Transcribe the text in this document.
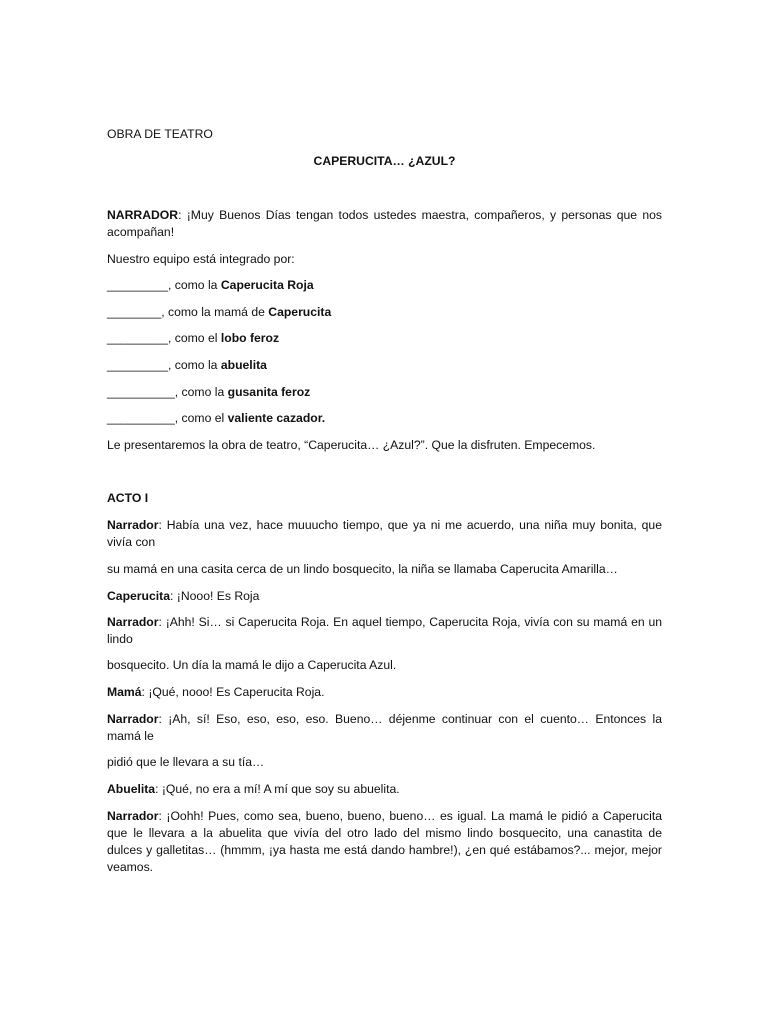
OBRA DE TEATRO
CAPERUCITA… ¿AZUL?
NARRADOR: ¡Muy Buenos Días tengan todos ustedes maestra, compañeros, y personas que nos
acompañan!
Nuestro equipo está integrado por:
_________, como la Caperucita Roja
________, como la mamá de Caperucita
_________, como el lobo feroz
_________, como la abuelita
__________, como la gusanita feroz
__________, como el valiente cazador.
Le presentaremos la obra de teatro, “Caperucita… ¿Azul?”. Que la disfruten. Empecemos.
ACTO I
Narrador: Había una vez, hace muuucho tiempo, que ya ni me acuerdo, una niña muy bonita, que
vivía con
su mamá en una casita cerca de un lindo bosquecito, la niña se llamaba Caperucita Amarilla…
Caperucita: ¡Nooo! Es Roja
Narrador: ¡Ahh! Si… si Caperucita Roja. En aquel tiempo, Caperucita Roja, vivía con su mamá en un
lindo
bosquecito. Un día la mamá le dijo a Caperucita Azul.
Mamá: ¡Qué, nooo! Es Caperucita Roja.
Narrador: ¡Ah, sí! Eso, eso, eso, eso. Bueno… déjenme continuar con el cuento… Entonces la
mamá le
pidió que le llevara a su tía…
Abuelita: ¡Qué, no era a mí! A mí que soy su abuelita.
Narrador: ¡Oohh! Pues, como sea, bueno, bueno, bueno… es igual. La mamá le pidió a Caperucita
que le llevara a la abuelita que vivía del otro lado del mismo lindo bosquecito, una canastita de
dulces y galletitas… (hmmm, ¡ya hasta me está dando hambre!), ¿en qué estábamos?... mejor, mejor
veamos.
